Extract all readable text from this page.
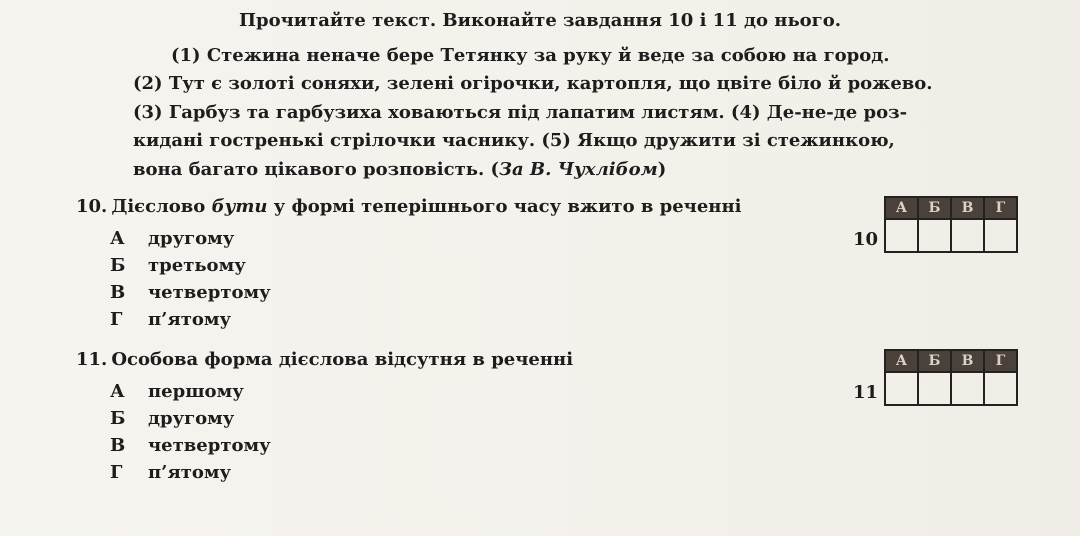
Прочитайте текст. Виконайте завдання 10 і 11 до нього.
(1) Стежина неначе бере Тетянку за руку й веде за собою на город.
(2) Тут є золоті соняхи, зелені огірочки, картопля, що цвіте біло й рожево.
(3) Гарбуз та гарбузиха ховаються під лапатим листям. (4) Де-не-де роз-
кидані гостренькі стрілочки часнику. (5) Якщо дружити зі стежинкою,
вона багато цікавого розповість. (За В. Чухлібом)
10. Дієслово бути у формі теперішнього часу вжито в реченні
А другому
Б третьому
В четвертому
Г п’ятому
10
А	Б	В	Г

11. Особова форма дієслова відсутня в реченні
А першому
Б другому
В четвертому
Г п’ятому
11
А	Б	В	Г
